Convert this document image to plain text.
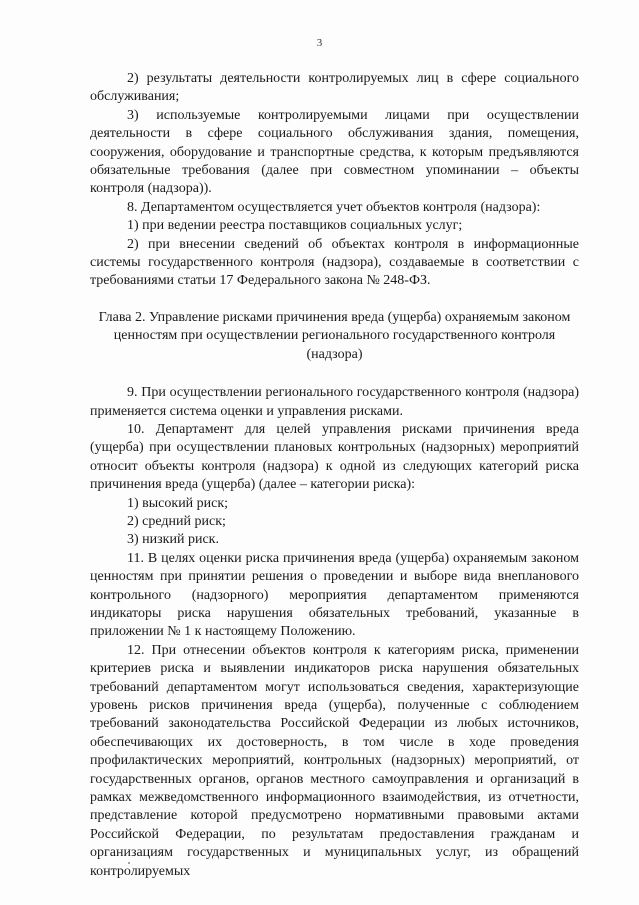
3

2) результаты деятельности контролируемых лиц в сфере социального обслуживания;

3) используемые контролируемыми лицами при осуществлении деятельности в сфере социального обслуживания здания, помещения, сооружения, оборудование и транспортные средства, к которым предъявляются обязательные требования (далее при совместном упоминании – объекты контроля (надзора)).

8. Департаментом осуществляется учет объектов контроля (надзора):

1) при ведении реестра поставщиков социальных услуг;

2) при внесении сведений об объектах контроля в информационные системы государственного контроля (надзора), создаваемые в соответствии с требованиями статьи 17 Федерального закона № 248-ФЗ.

Глава 2. Управление рисками причинения вреда (ущерба) охраняемым законом ценностям при осуществлении регионального государственного контроля (надзора)

9. При осуществлении регионального государственного контроля (надзора) применяется система оценки и управления рисками.

10. Департамент для целей управления рисками причинения вреда (ущерба) при осуществлении плановых контрольных (надзорных) мероприятий относит объекты контроля (надзора) к одной из следующих категорий риска причинения вреда (ущерба) (далее – категории риска):

1) высокий риск;

2) средний риск;

3) низкий риск.

11. В целях оценки риска причинения вреда (ущерба) охраняемым законом ценностям при принятии решения о проведении и выборе вида внепланового контрольного (надзорного) мероприятия департаментом применяются индикаторы риска нарушения обязательных требований, указанные в приложении № 1 к настоящему Положению.

12. При отнесении объектов контроля к категориям риска, применении критериев риска и выявлении индикаторов риска нарушения обязательных требований департаментом могут использоваться сведения, характеризующие уровень рисков причинения вреда (ущерба), полученные с соблюдением требований законодательства Российской Федерации из любых источников, обеспечивающих их достоверность, в том числе в ходе проведения профилактических мероприятий, контрольных (надзорных) мероприятий, от государственных органов, органов местного самоуправления и организаций в рамках межведомственного информационного взаимодействия, из отчетности, представление которой предусмотрено нормативными правовыми актами Российской Федерации, по результатам предоставления гражданам и организациям государственных и муниципальных услуг, из обращений контролируемых
